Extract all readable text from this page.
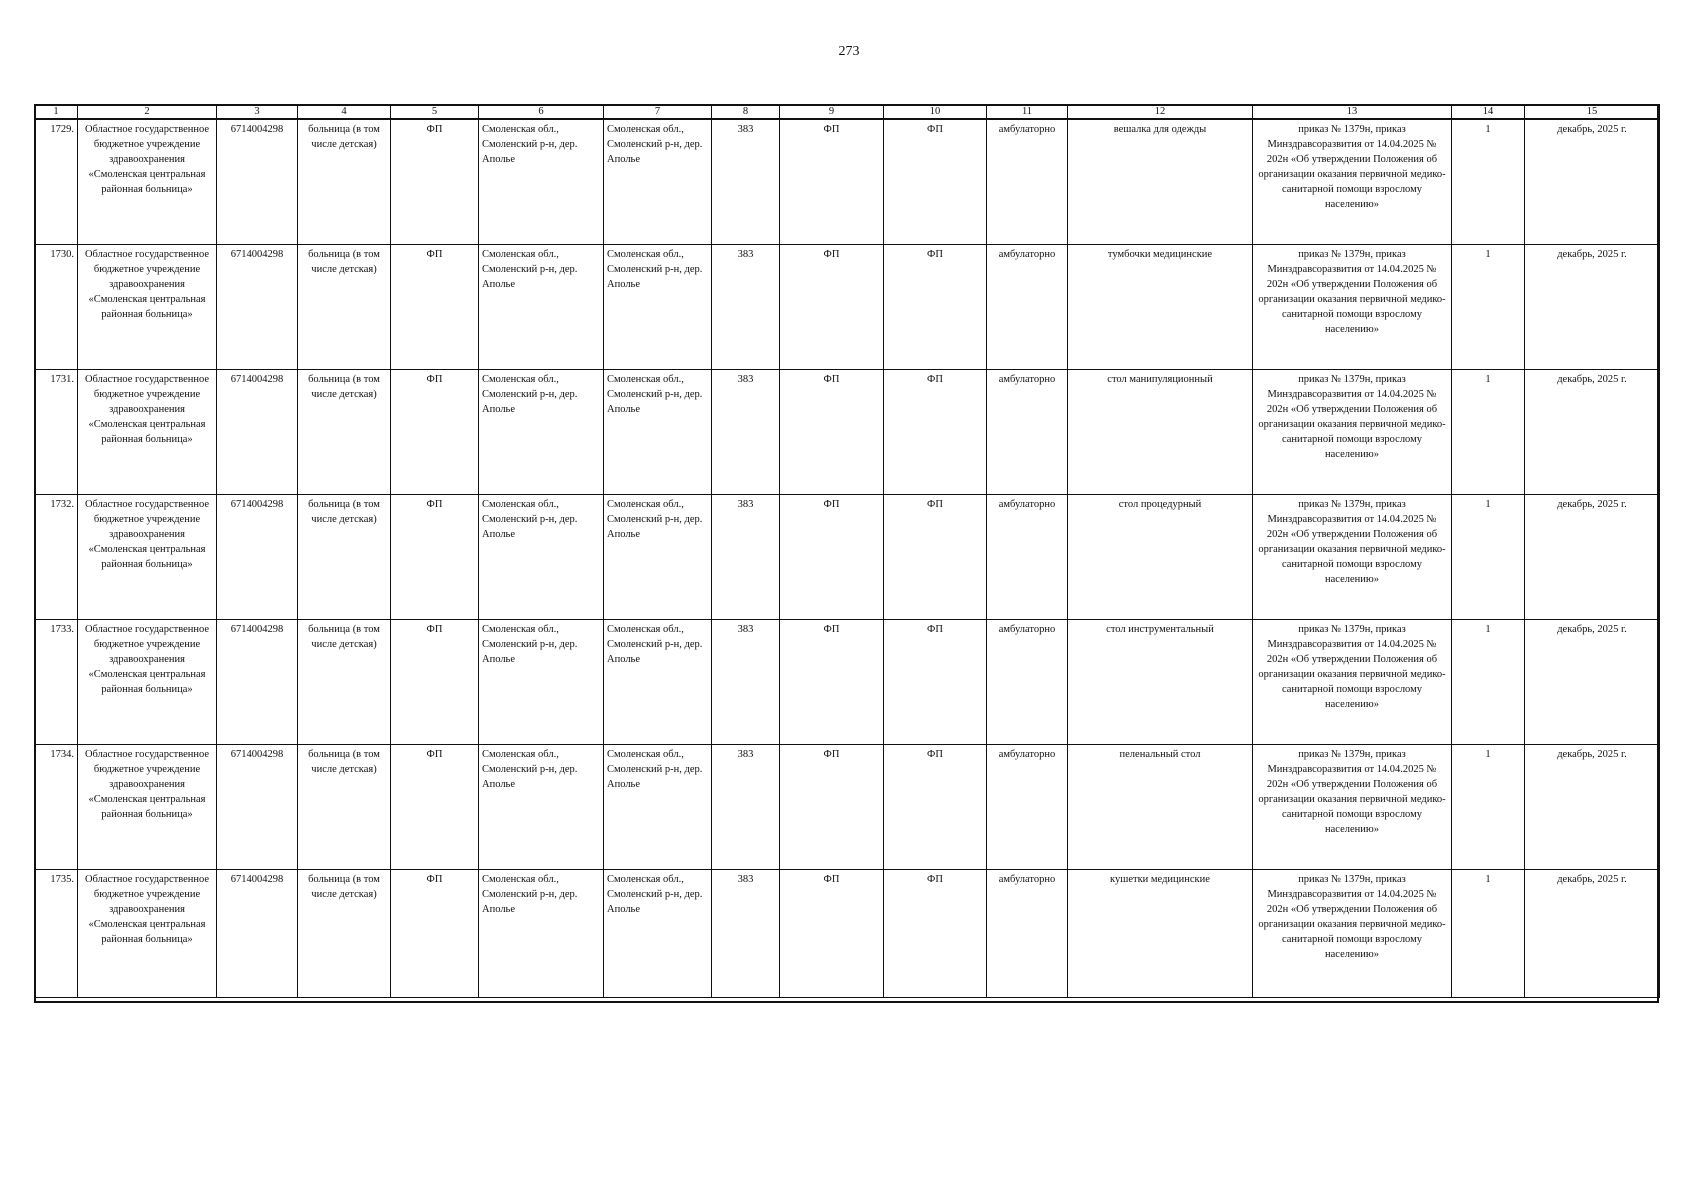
273
1	2	3	4	5	6	7	8	9	10	11	12	13	14	15
1729.	Областное государственное бюджетное учреждение здравоохранения «Смоленская центральная районная больница»	6714004298	больница (в том числе детская)	ФП	Смоленская обл., Смоленский р-н, дер. Аполье	Смоленская обл., Смоленский р-н, дер. Аполье	383	ФП	ФП	амбулаторно	вешалка для одежды	приказ № 1379н, приказ Минздравсоразвития от 14.04.2025 № 202н «Об утверждении Положения об организации оказания первичной медико-санитарной помощи взрослому населению»	1	декабрь, 2025 г.
1730.	Областное государственное бюджетное учреждение здравоохранения «Смоленская центральная районная больница»	6714004298	больница (в том числе детская)	ФП	Смоленская обл., Смоленский р-н, дер. Аполье	Смоленская обл., Смоленский р-н, дер. Аполье	383	ФП	ФП	амбулаторно	тумбочки медицинские	приказ № 1379н, приказ Минздравсоразвития от 14.04.2025 № 202н «Об утверждении Положения об организации оказания первичной медико-санитарной помощи взрослому населению»	1	декабрь, 2025 г.
1731.	Областное государственное бюджетное учреждение здравоохранения «Смоленская центральная районная больница»	6714004298	больница (в том числе детская)	ФП	Смоленская обл., Смоленский р-н, дер. Аполье	Смоленская обл., Смоленский р-н, дер. Аполье	383	ФП	ФП	амбулаторно	стол манипуляционный	приказ № 1379н, приказ Минздравсоразвития от 14.04.2025 № 202н «Об утверждении Положения об организации оказания первичной медико-санитарной помощи взрослому населению»	1	декабрь, 2025 г.
1732.	Областное государственное бюджетное учреждение здравоохранения «Смоленская центральная районная больница»	6714004298	больница (в том числе детская)	ФП	Смоленская обл., Смоленский р-н, дер. Аполье	Смоленская обл., Смоленский р-н, дер. Аполье	383	ФП	ФП	амбулаторно	стол процедурный	приказ № 1379н, приказ Минздравсоразвития от 14.04.2025 № 202н «Об утверждении Положения об организации оказания первичной медико-санитарной помощи взрослому населению»	1	декабрь, 2025 г.
1733.	Областное государственное бюджетное учреждение здравоохранения «Смоленская центральная районная больница»	6714004298	больница (в том числе детская)	ФП	Смоленская обл., Смоленский р-н, дер. Аполье	Смоленская обл., Смоленский р-н, дер. Аполье	383	ФП	ФП	амбулаторно	стол инструментальный	приказ № 1379н, приказ Минздравсоразвития от 14.04.2025 № 202н «Об утверждении Положения об организации оказания первичной медико-санитарной помощи взрослому населению»	1	декабрь, 2025 г.
1734.	Областное государственное бюджетное учреждение здравоохранения «Смоленская центральная районная больница»	6714004298	больница (в том числе детская)	ФП	Смоленская обл., Смоленский р-н, дер. Аполье	Смоленская обл., Смоленский р-н, дер. Аполье	383	ФП	ФП	амбулаторно	пеленальный стол	приказ № 1379н, приказ Минздравсоразвития от 14.04.2025 № 202н «Об утверждении Положения об организации оказания первичной медико-санитарной помощи взрослому населению»	1	декабрь, 2025 г.
1735.	Областное государственное бюджетное учреждение здравоохранения «Смоленская центральная районная больница»	6714004298	больница (в том числе детская)	ФП	Смоленская обл., Смоленский р-н, дер. Аполье	Смоленская обл., Смоленский р-н, дер. Аполье	383	ФП	ФП	амбулаторно	кушетки медицинские	приказ № 1379н, приказ Минздравсоразвития от 14.04.2025 № 202н «Об утверждении Положения об организации оказания первичной медико-санитарной помощи взрослому населению»	1	декабрь, 2025 г.
